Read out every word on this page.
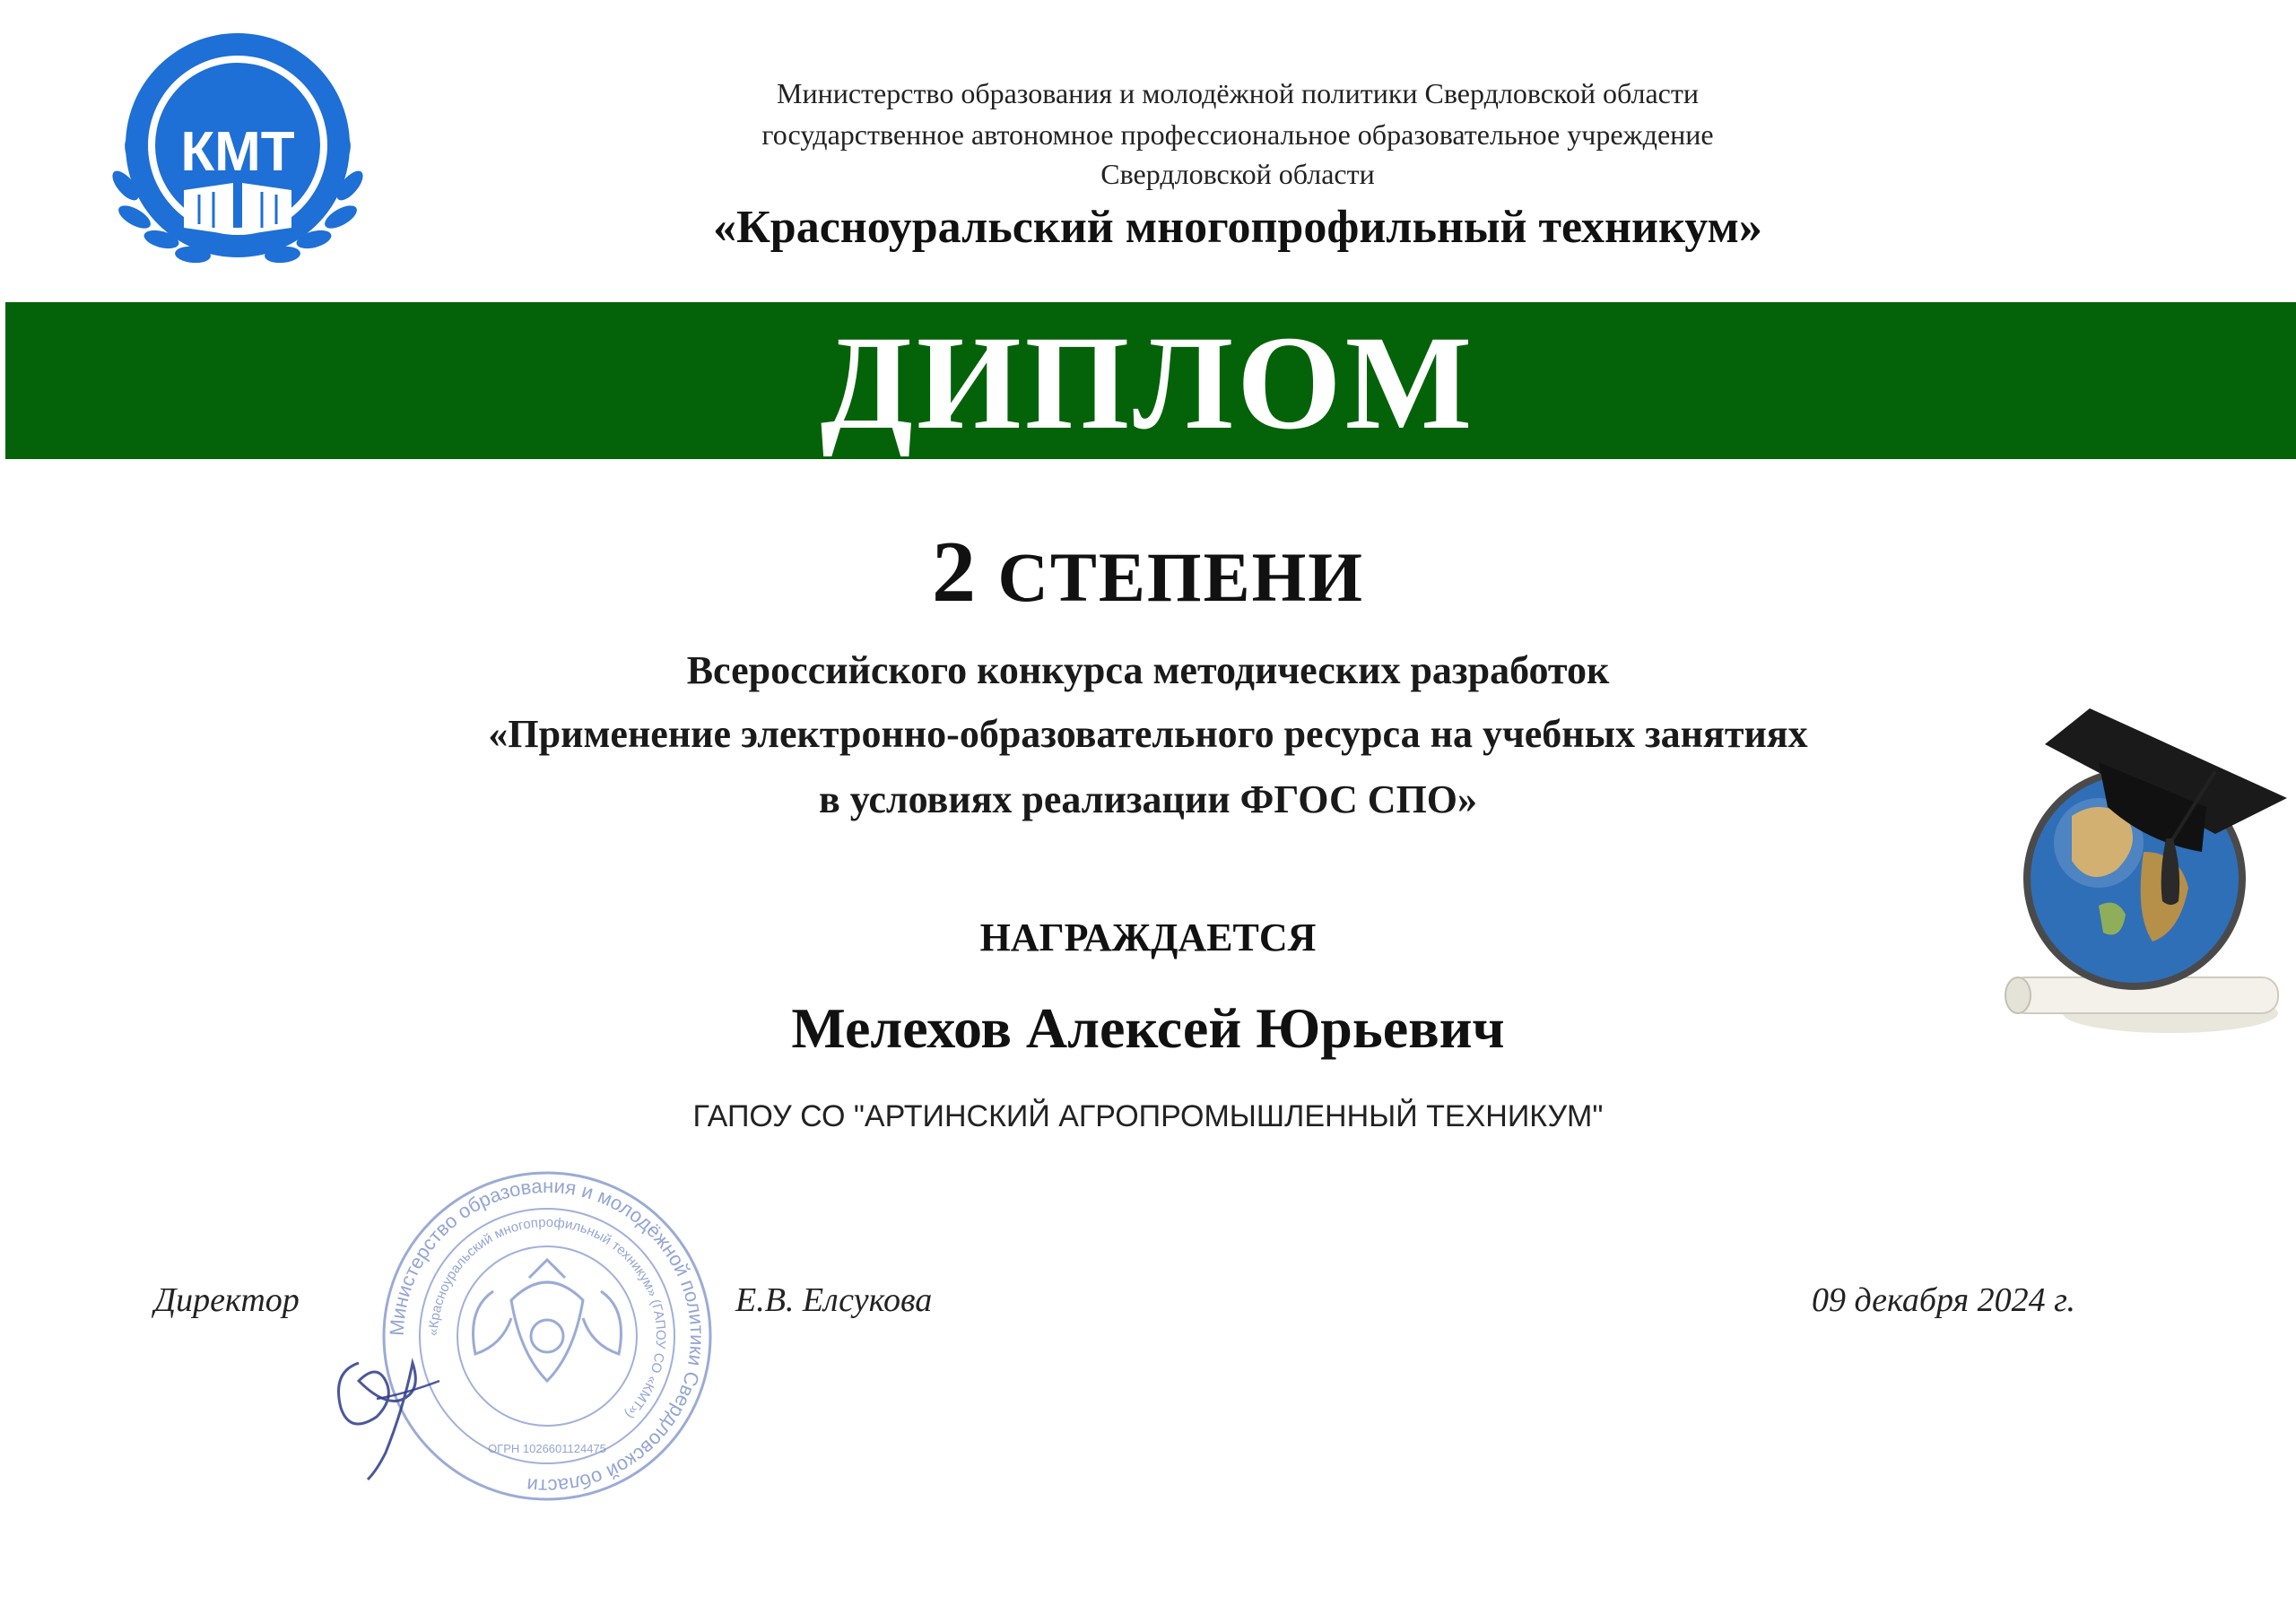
Красноуральский многопрофильный техникум
КМТ
Министерство образования и молодёжной политики Свердловской области
государственное автономное профессиональное образовательное учреждение
Свердловской области
«Красноуральский многопрофильный техникум»
ДИПЛОМ
2 СТЕПЕНИ
Всероссийского конкурса методических разработок
«Применение электронно-образовательного ресурса на учебных занятиях
в условиях реализации ФГОС СПО»
НАГРАЖДАЕТСЯ
Мелехов Алексей Юрьевич
ГАПОУ СО "АРТИНСКИЙ АГРОПРОМЫШЛЕННЫЙ ТЕХНИКУМ"
Министерство образования и молодёжной политики Свердловской области
«Красноуральский многопрофильный техникум» (ГАПОУ СО «КМТ»)
ОГРН 1026601124475
Директор	Е.В. Елсукова	09 декабря 2024 г.
